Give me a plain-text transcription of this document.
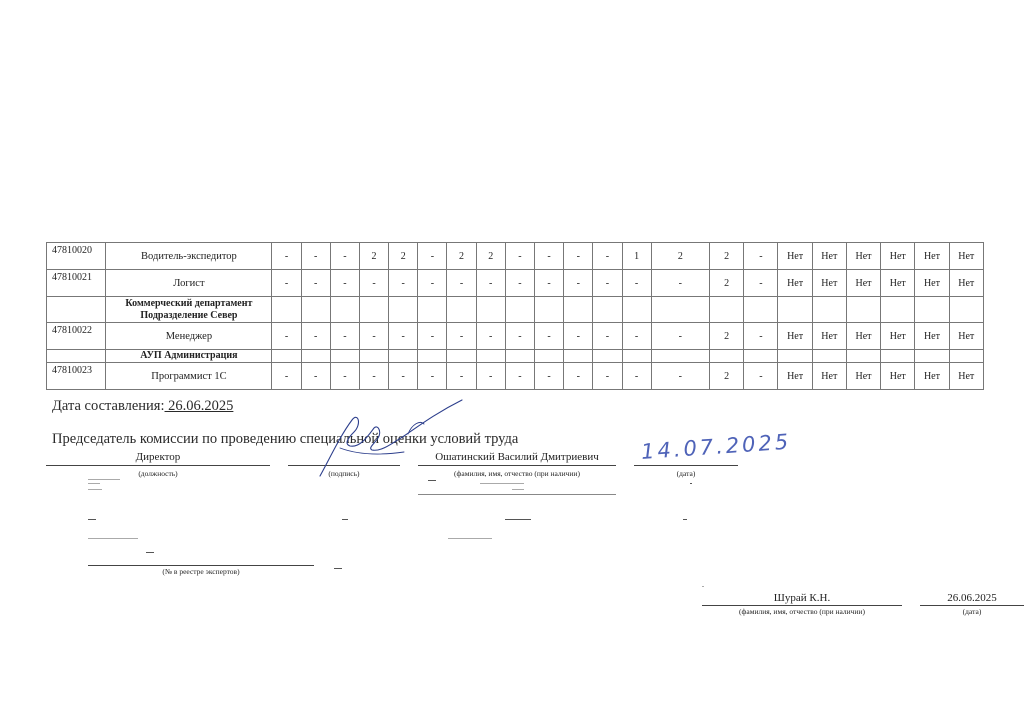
47810020	Водитель-экспедитор	-	-	-	2	2	-	2	2	-	-	-	-	1	2	2	-	Нет	Нет	Нет	Нет	Нет	Нет
47810021	Логист	-	-	-	-	-	-	-	-	-	-	-	-	-	-	2	-	Нет	Нет	Нет	Нет	Нет	Нет

	Коммерческий департамент
Подразделение Север																						

47810022	Менеджер	-	-	-	-	-	-	-	-	-	-	-	-	-	-	2	-	Нет	Нет	Нет	Нет	Нет	Нет

	АУП Администрация																						

47810023	Программист 1С	-	-	-	-	-	-	-	-	-	-	-	-	-	-	2	-	Нет	Нет	Нет	Нет	Нет	Нет
Дата составления: 26.06.2025
Председатель комиссии по проведению специальной оценки условий труда
Директор
(должность)	(подпись)
Ошатинский Василий Дмитриевич
(фамилия, имя, отчество (при наличии)	(дата)
14.07.2025
(№ в реестре экспертов)
Шурай К.Н.
(фамилия, имя, отчество (при наличии)
26.06.2025
(дата)
